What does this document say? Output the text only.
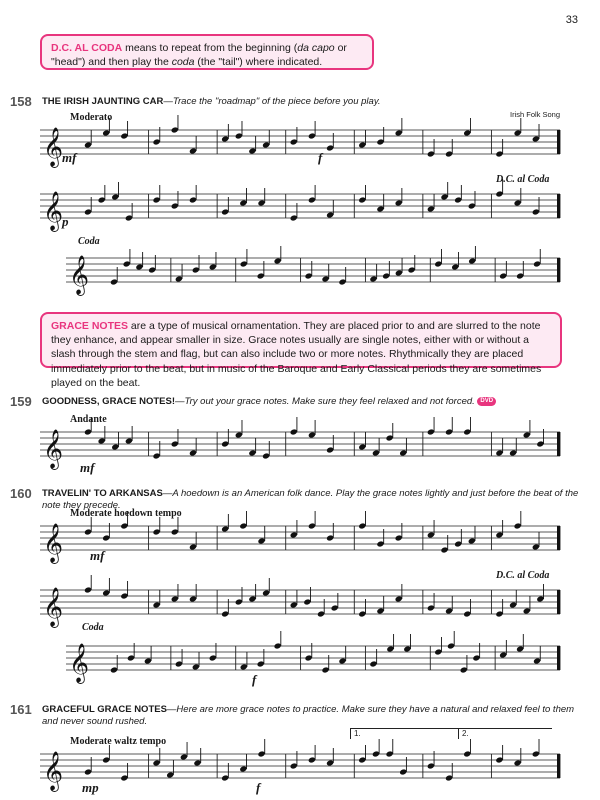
33
D.C. AL CODA means to repeat from the beginning (da capo or "head") and then play the coda (the "tail") where indicated.
158 THE IRISH JAUNTING CAR—Trace the "roadmap" of the piece before you play.
Irish Folk Song
Moderato
mf	f
p
D.C. al Coda
Coda
𝄞
𝄞
𝄞
GRACE NOTES are a type of musical ornamentation. They are placed prior to and are slurred to the note they enhance, and appear smaller in size. Grace notes usually are single notes, either with or without a slash through the stem and flag, but can also include two or more notes. Rhythmically they are placed immediately prior to the beat, but in music of the Baroque and Early Classical periods they are sometimes played on the beat.
159 GOODNESS, GRACE NOTES!—Try out your grace notes. Make sure they feel relaxed and not forced. DVD
Andante
𝄞 mf
160 TRAVELIN' TO ARKANSAS—A hoedown is an American folk dance. Play the grace notes lightly and just before the beat of the note they precede.
Moderate hoedown tempo
𝄞 mf
D.C. al Coda
𝄞
Coda
𝄞	f
161 GRACEFUL GRACE NOTES—Here are more grace notes to practice. Make sure they have a natural and relaxed feel to them and never sound rushed.
Moderate waltz tempo
1.	2.
𝄞 mp	f
